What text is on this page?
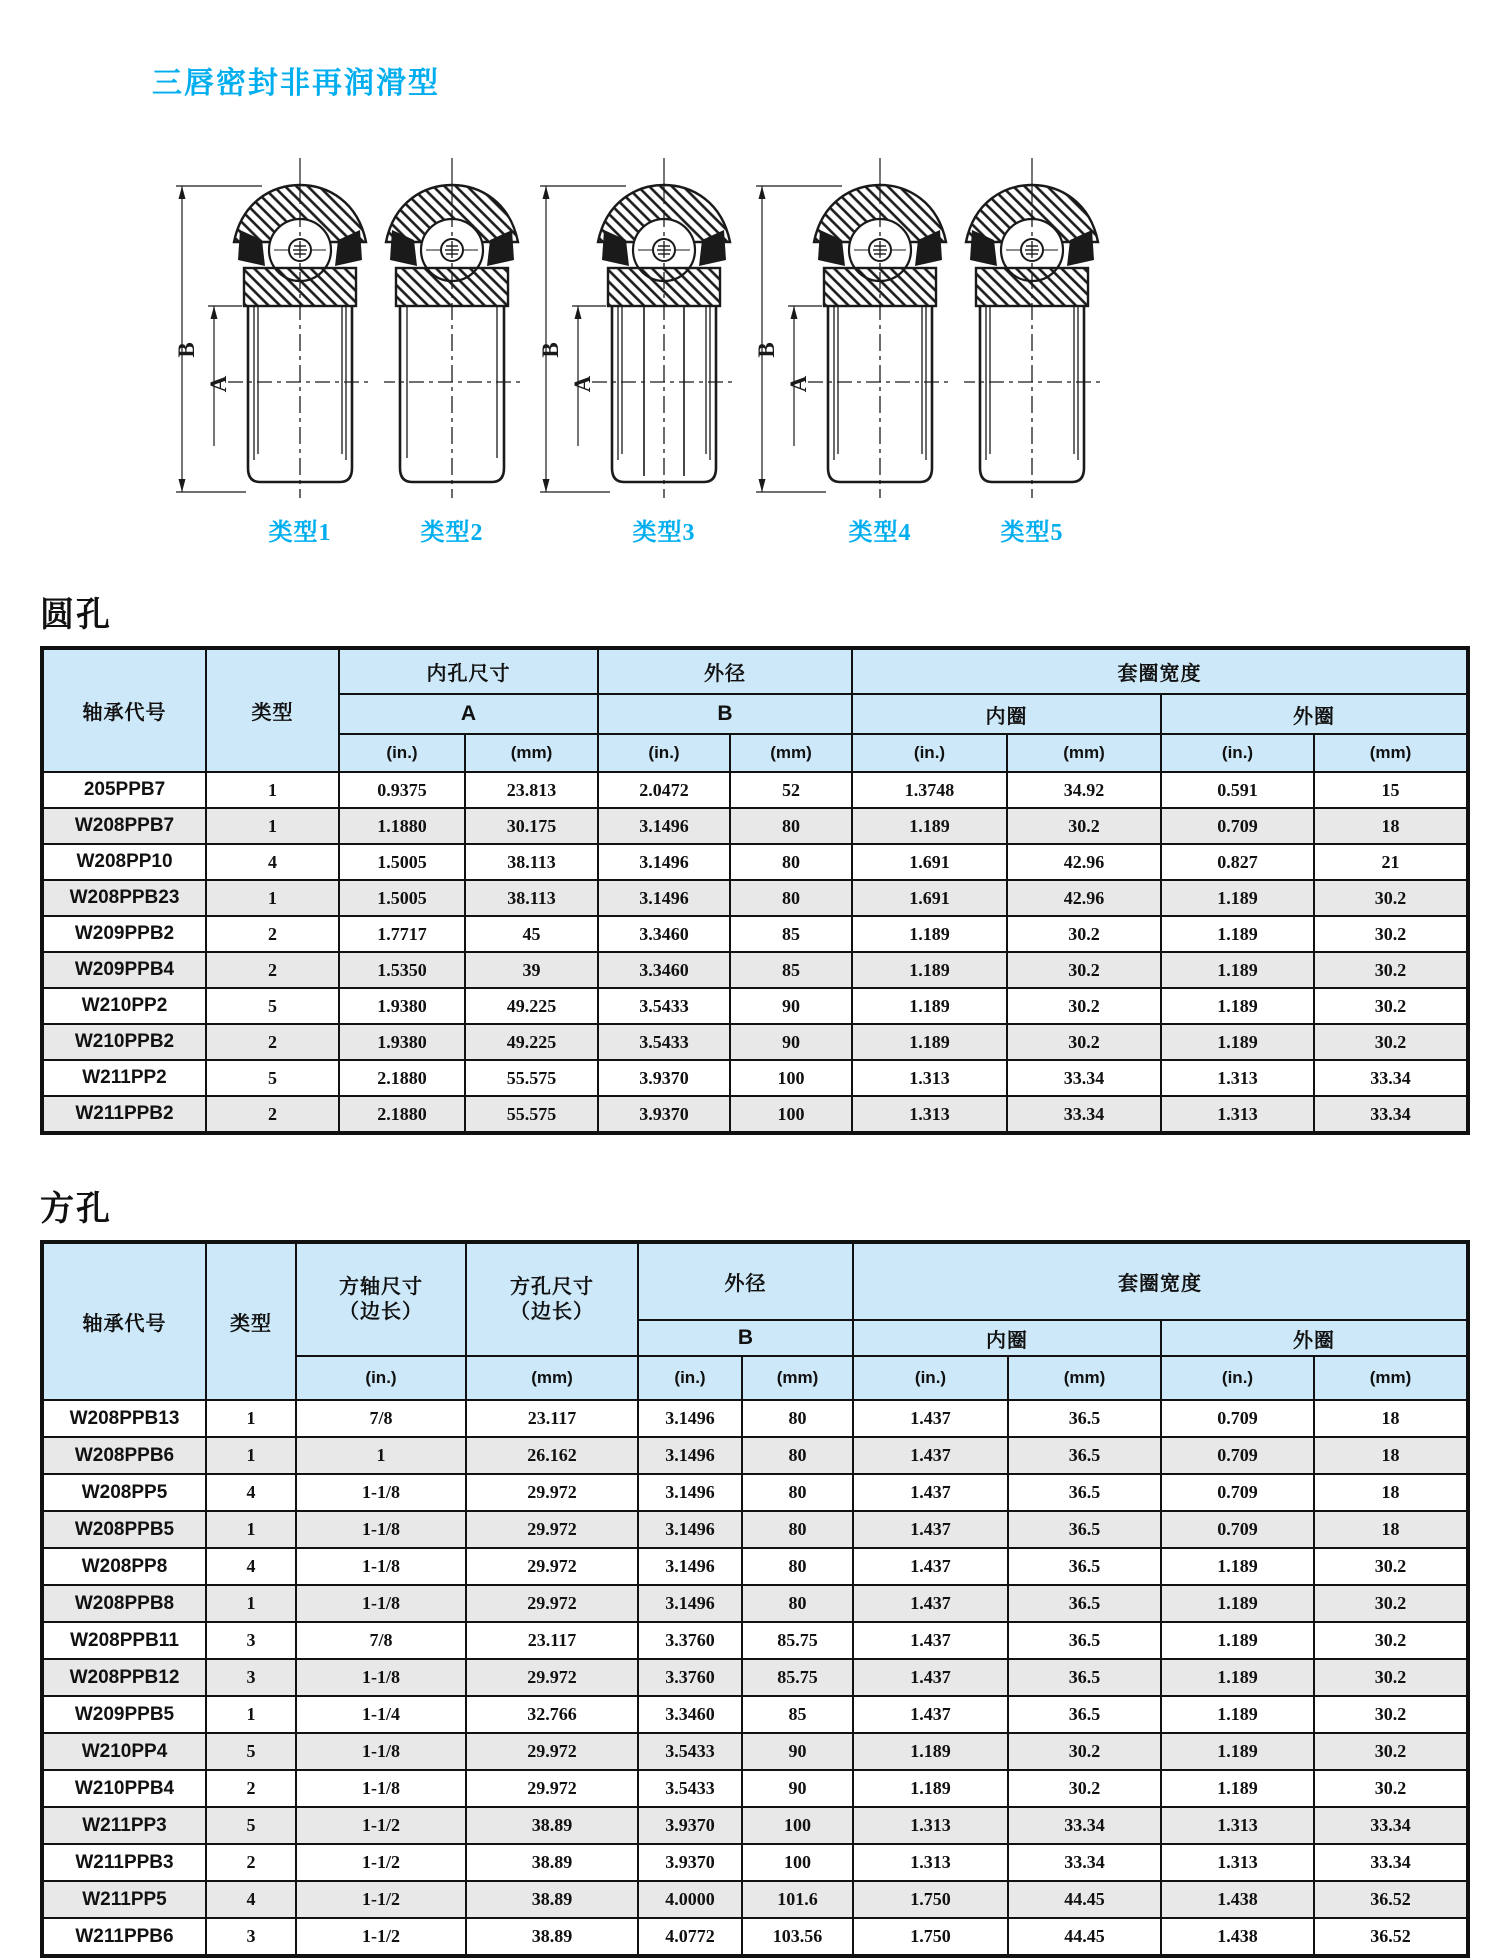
三唇密封非再润滑型
B
A
类型1	类型2
B
A
类型3
B
A
类型4	类型5
圆孔
轴承代号	类型	内孔尺寸		外径		套圈宽度			
		A		B		内圈		外圈	
		(in.)	(mm)	(in.)	(mm)	(in.)	(mm)	(in.)	(mm)
205PPB7	1	0.9375	23.813	2.0472	52	1.3748	34.92	0.591	15
W208PPB7	1	1.1880	30.175	3.1496	80	1.189	30.2	0.709	18
W208PP10	4	1.5005	38.113	3.1496	80	1.691	42.96	0.827	21
W208PPB23	1	1.5005	38.113	3.1496	80	1.691	42.96	1.189	30.2
W209PPB2	2	1.7717	45	3.3460	85	1.189	30.2	1.189	30.2
W209PPB4	2	1.5350	39	3.3460	85	1.189	30.2	1.189	30.2
W210PP2	5	1.9380	49.225	3.5433	90	1.189	30.2	1.189	30.2
W210PPB2	2	1.9380	49.225	3.5433	90	1.189	30.2	1.189	30.2
W211PP2	5	2.1880	55.575	3.9370	100	1.313	33.34	1.313	33.34
W211PPB2	2	2.1880	55.575	3.9370	100	1.313	33.34	1.313	33.34
方孔
轴承代号	类型	方轴尺寸
（边长）	方孔尺寸
（边长）	外径		套圈宽度			
				B		内圈		外圈	
		(in.)	(mm)	(in.)	(mm)	(in.)	(mm)	(in.)	(mm)
W208PPB13	1	7/8	23.117	3.1496	80	1.437	36.5	0.709	18
W208PPB6	1	1	26.162	3.1496	80	1.437	36.5	0.709	18
W208PP5	4	1-1/8	29.972	3.1496	80	1.437	36.5	0.709	18
W208PPB5	1	1-1/8	29.972	3.1496	80	1.437	36.5	0.709	18
W208PP8	4	1-1/8	29.972	3.1496	80	1.437	36.5	1.189	30.2
W208PPB8	1	1-1/8	29.972	3.1496	80	1.437	36.5	1.189	30.2
W208PPB11	3	7/8	23.117	3.3760	85.75	1.437	36.5	1.189	30.2
W208PPB12	3	1-1/8	29.972	3.3760	85.75	1.437	36.5	1.189	30.2
W209PPB5	1	1-1/4	32.766	3.3460	85	1.437	36.5	1.189	30.2
W210PP4	5	1-1/8	29.972	3.5433	90	1.189	30.2	1.189	30.2
W210PPB4	2	1-1/8	29.972	3.5433	90	1.189	30.2	1.189	30.2
W211PP3	5	1-1/2	38.89	3.9370	100	1.313	33.34	1.313	33.34
W211PPB3	2	1-1/2	38.89	3.9370	100	1.313	33.34	1.313	33.34
W211PP5	4	1-1/2	38.89	4.0000	101.6	1.750	44.45	1.438	36.52
W211PPB6	3	1-1/2	38.89	4.0772	103.56	1.750	44.45	1.438	36.52
